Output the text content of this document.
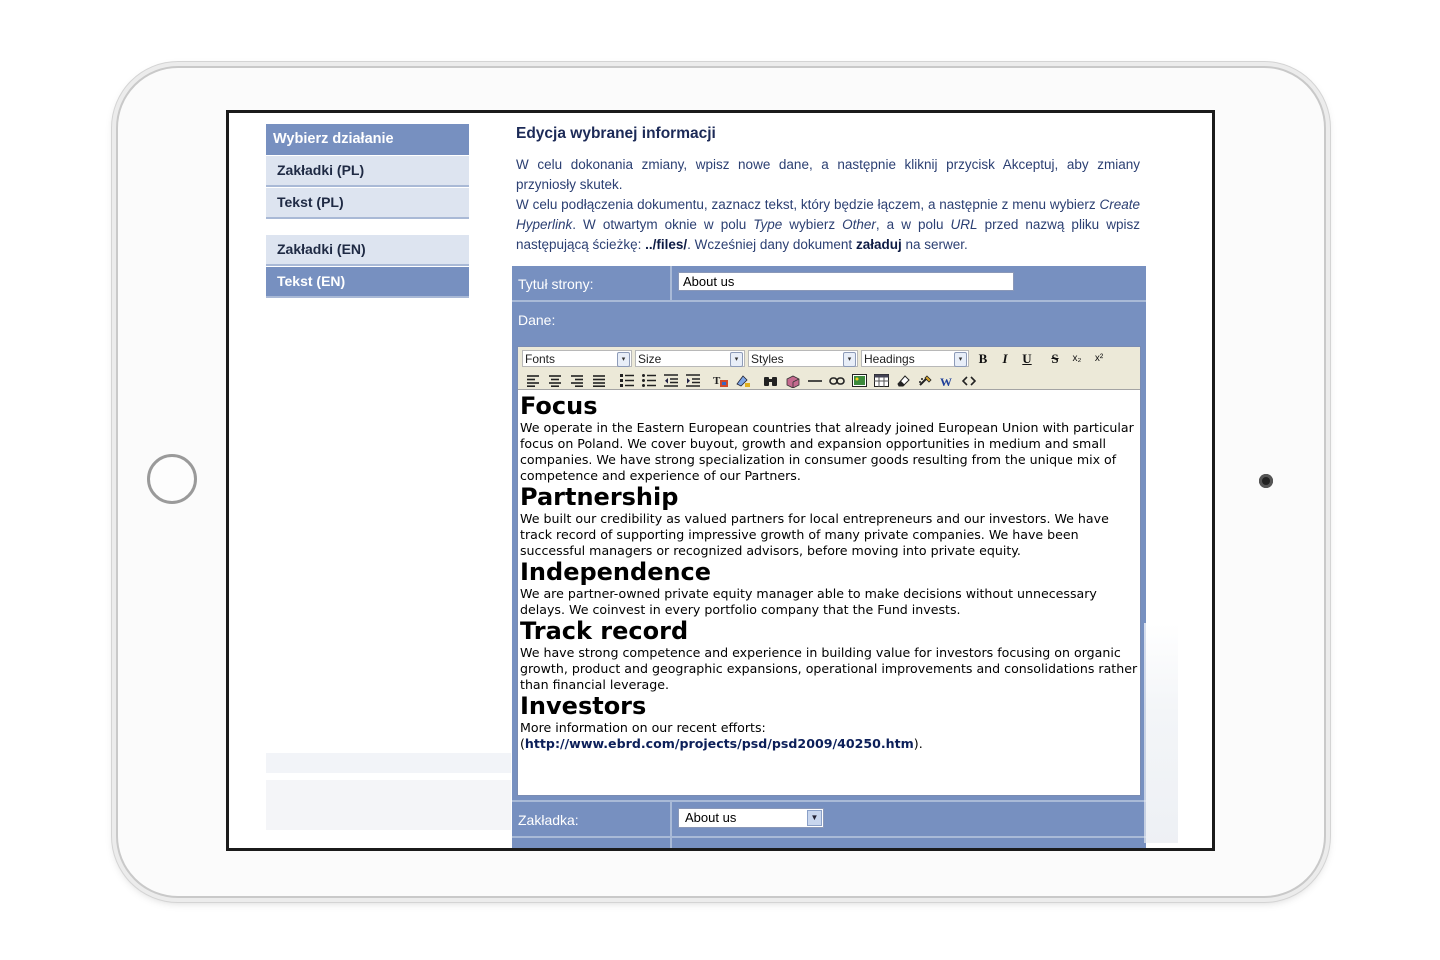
Wybierz działanie
Zakładki (PL)
Tekst (PL)
Zakładki (EN)
Tekst (EN)
Edycja wybranej informacji
W celu dokonania zmiany, wpisz nowe dane, a następnie kliknij przycisk Akceptuj, aby zmiany przyniosły skutek.
W celu podłączenia dokumentu, zaznacz tekst, który będzie łączem, a następnie z menu wybierz Create Hyperlink. W otwartym oknie w polu Type wybierz Other, a w polu URL przed nazwą pliku wpisz następującą ścieżkę: ../files/. Wcześniej dany dokument załaduj na serwer.
Tytuł strony:	About us
Dane:
Fonts	▾	Size	▾	Styles	▾	Headings	▾	B	I	U	S	x₂	x²
T	W
Focus

We operate in the Eastern European countries that already joined European Union with particular focus on Poland. We cover buyout, growth and expansion opportunities in medium and small companies. We have strong specialization in consumer goods resulting from the unique mix of competence and experience of our Partners.

Partnership

We built our credibility as valued partners for local entrepreneurs and our investors. We have track record of supporting impressive growth of many private companies. We have been successful managers or recognized advisors, before moving into private equity.

Independence

We are partner-owned private equity manager able to make decisions without unnecessary delays. We coinvest in every portfolio company that the Fund invests.

Track record

We have strong competence and experience in building value for investors focusing on organic growth, product and geographic expansions, operational improvements and consolidations rather than financial leverage.

Investors

More information on our recent efforts:

(http://www.ebrd.com/projects/psd/psd2009/40250.htm).

Zakładka:	About us	▼
